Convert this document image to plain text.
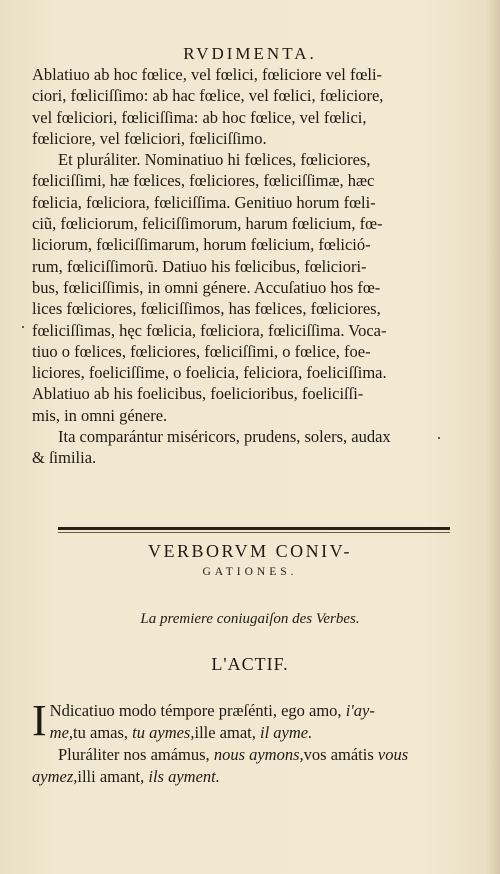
RVDIMENTA.
Ablatiuo ab hoc fœlice, vel fœlici, fœliciore vel fœli-
ciori, fœliciſſimo: ab hac fœlice, vel fœlici, fœliciore,
vel fœliciori, fœliciſſima: ab hoc fœlice, vel fœlici,
fœliciore, vel fœliciori, fœliciſſimo.
Et pluráliter. Nominatiuo hi fœlices, fœliciores,
fœliciſſimi, hæ fœlices, fœliciores, fœliciſſimæ, hæc
fœlicia, fœliciora, fœliciſſima. Genitiuo horum fœli-
ciũ, fœliciorum, feliciſſimorum, harum fœlicium, fœ-
liciorum, fœliciſſimarum, horum fœlicium, fœlició-
rum, fœliciſſimorũ. Datiuo his fœlicibus, fœliciori-
bus, fœliciſſimis, in omni génere. Accuſatiuo hos fœ-
lices fœliciores, fœliciſſimos, has fœlices, fœliciores,
fœliciſſimas, hęc fœlicia, fœliciora, fœliciſſima. Voca-
tiuo o fœlices, fœliciores, fœliciſſimi, o fœlice, foe-
liciores, foeliciſſime, o foelicia, feliciora, foeliciſſima.
Ablatiuo ab his foelicibus, foelicioribus, foeliciſſi-
mis, in omni génere.
Ita comparántur miséricors, prudens, solers, audax
& ſimilia.
VERBORVM CONIV-
GATIONES.
La premiere coniugaiſon des Verbes.
L'ACTIF.
I Ndicatiuo modo témpore præſénti, ego amo, i'ay-
me,tu amas, tu aymes,ille amat, il ayme.
Pluráliter nos amámus, nous aymons,vos amátis vous
aymez,illi amant, ils ayment.
